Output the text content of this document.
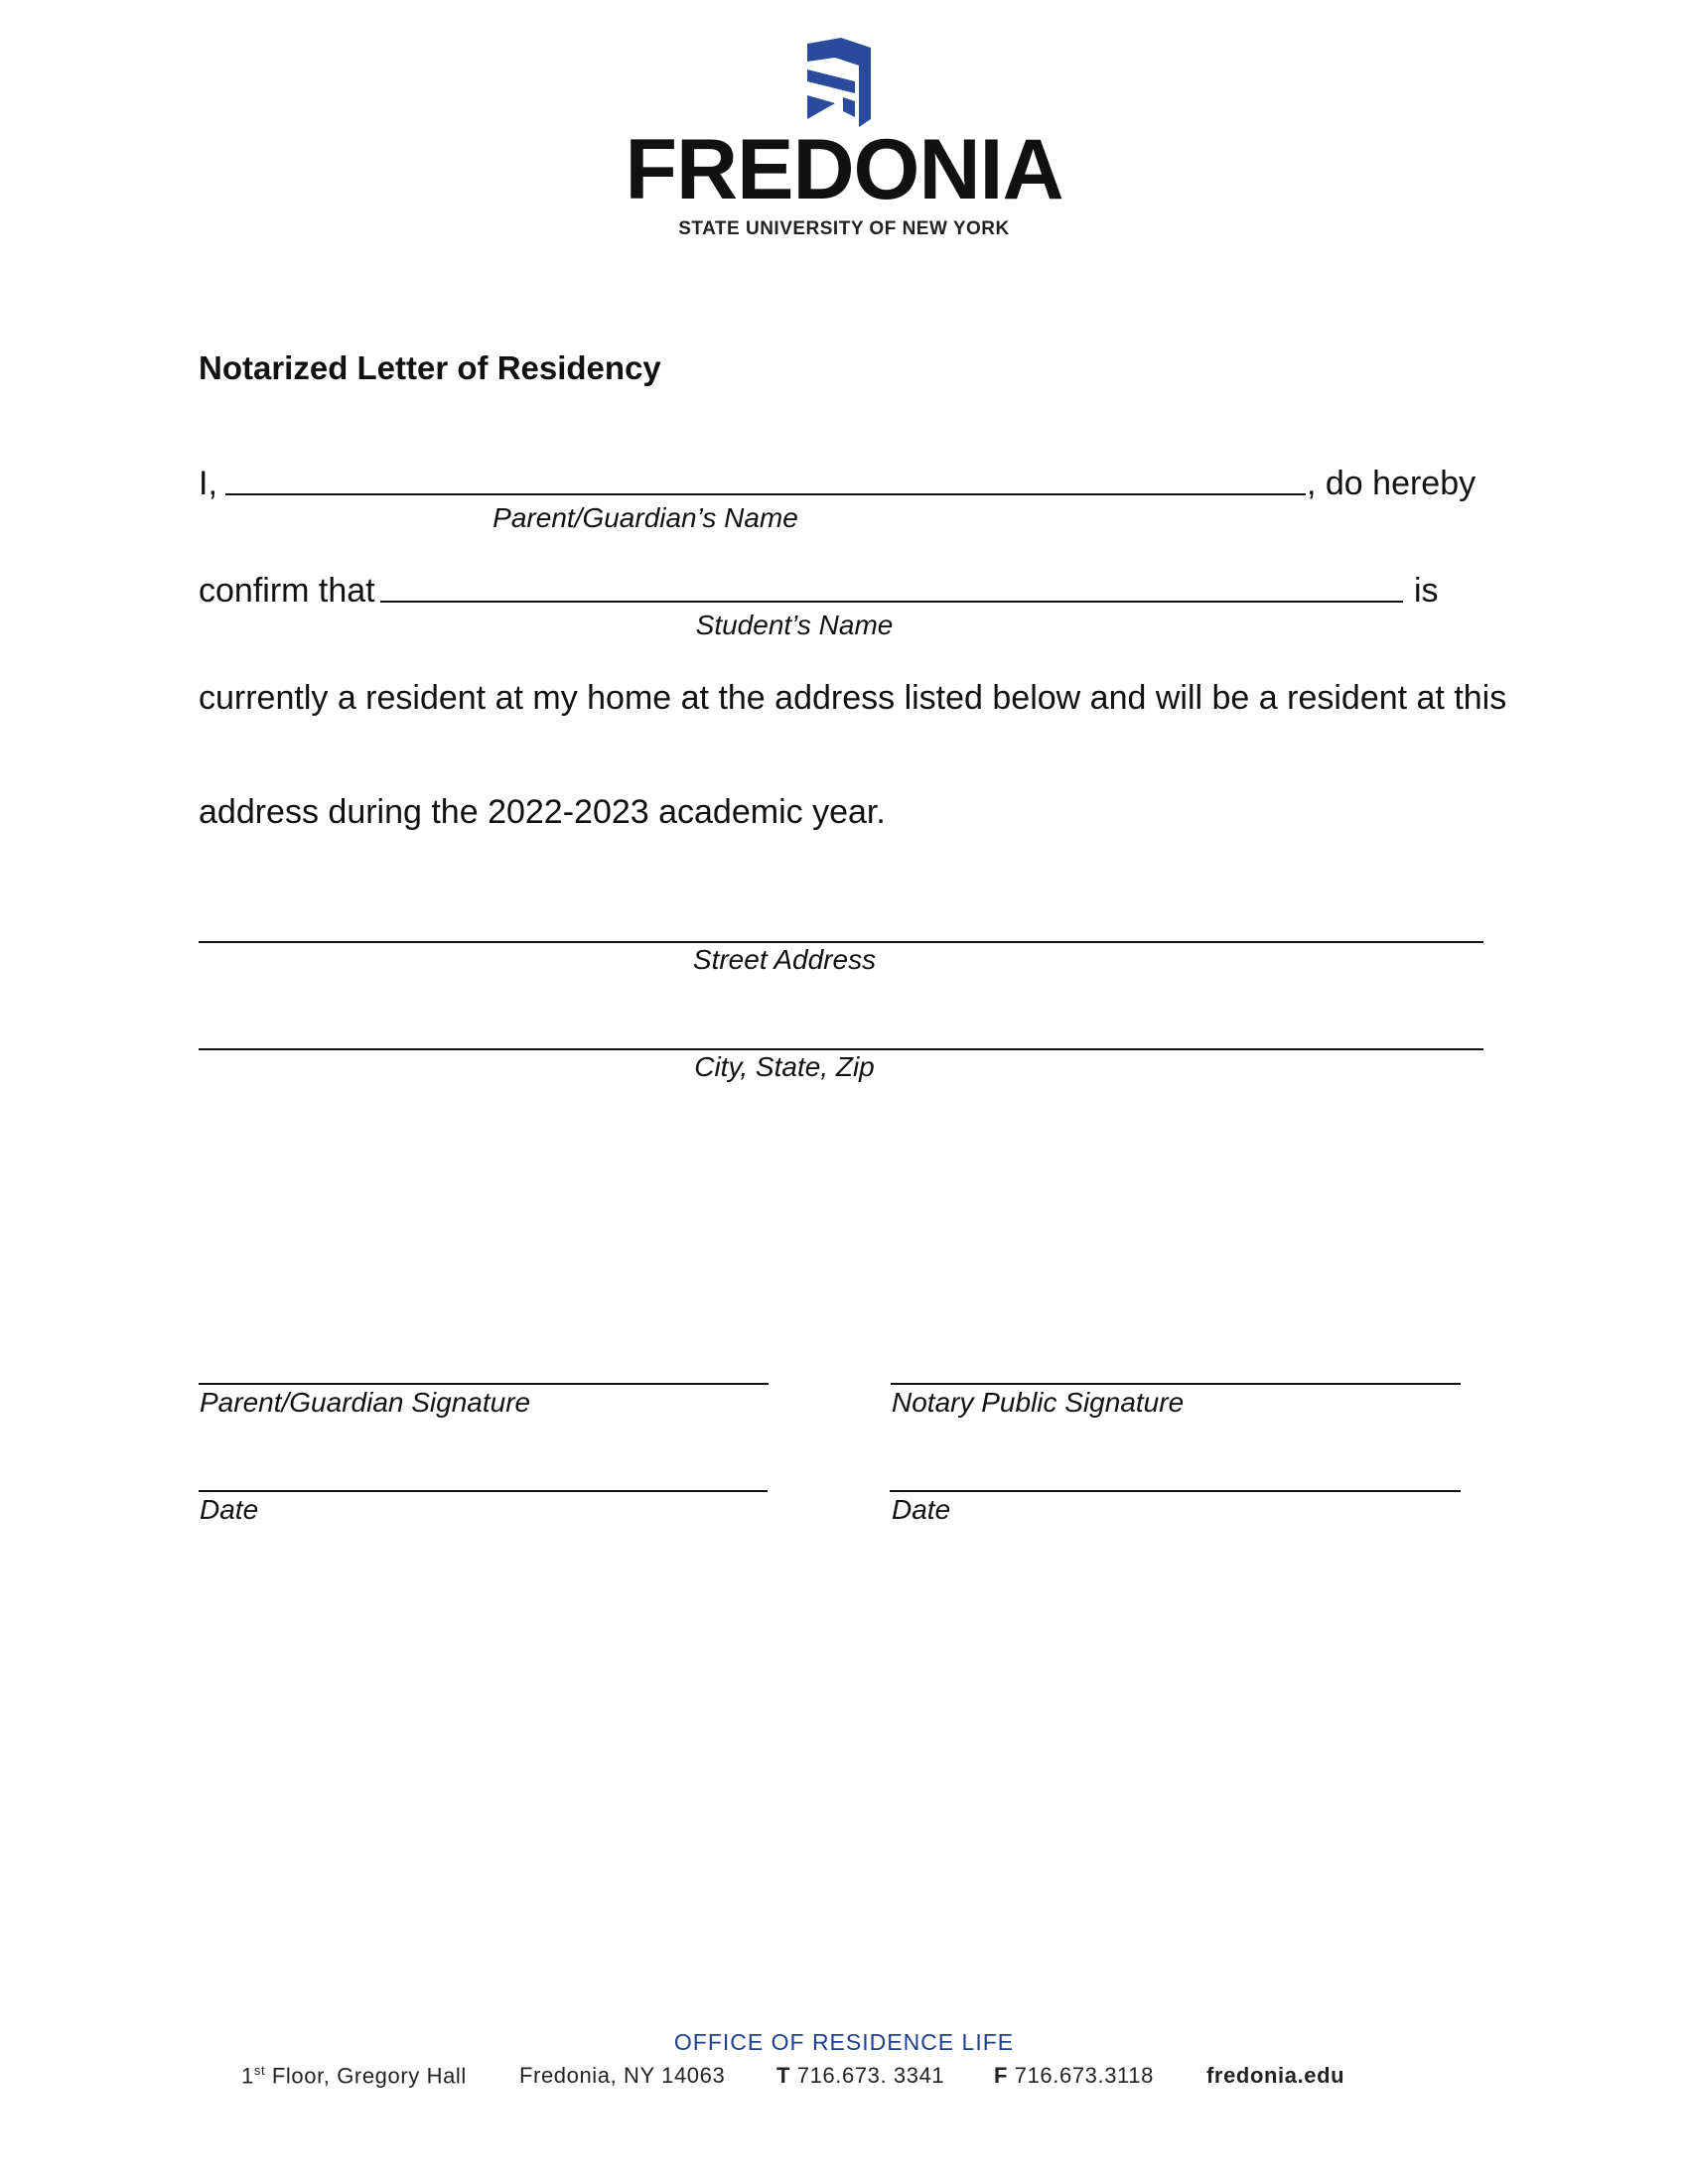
FREDONIA
STATE UNIVERSITY OF NEW YORK
Notarized Letter of Residency
I,	, do hereby
Parent/Guardian’s Name
confirm that	is
Student’s Name
currently a resident at my home at the address listed below and will be a resident at this
address during the 2022-2023 academic year.
Street Address
City, State, Zip
Parent/Guardian Signature	Notary Public Signature
Date	Date
OFFICE OF RESIDENCE LIFE
1st Floor, Gregory Hall Fredonia, NY 14063 T 716.673. 3341 F 716.673.3118 fredonia.edu
